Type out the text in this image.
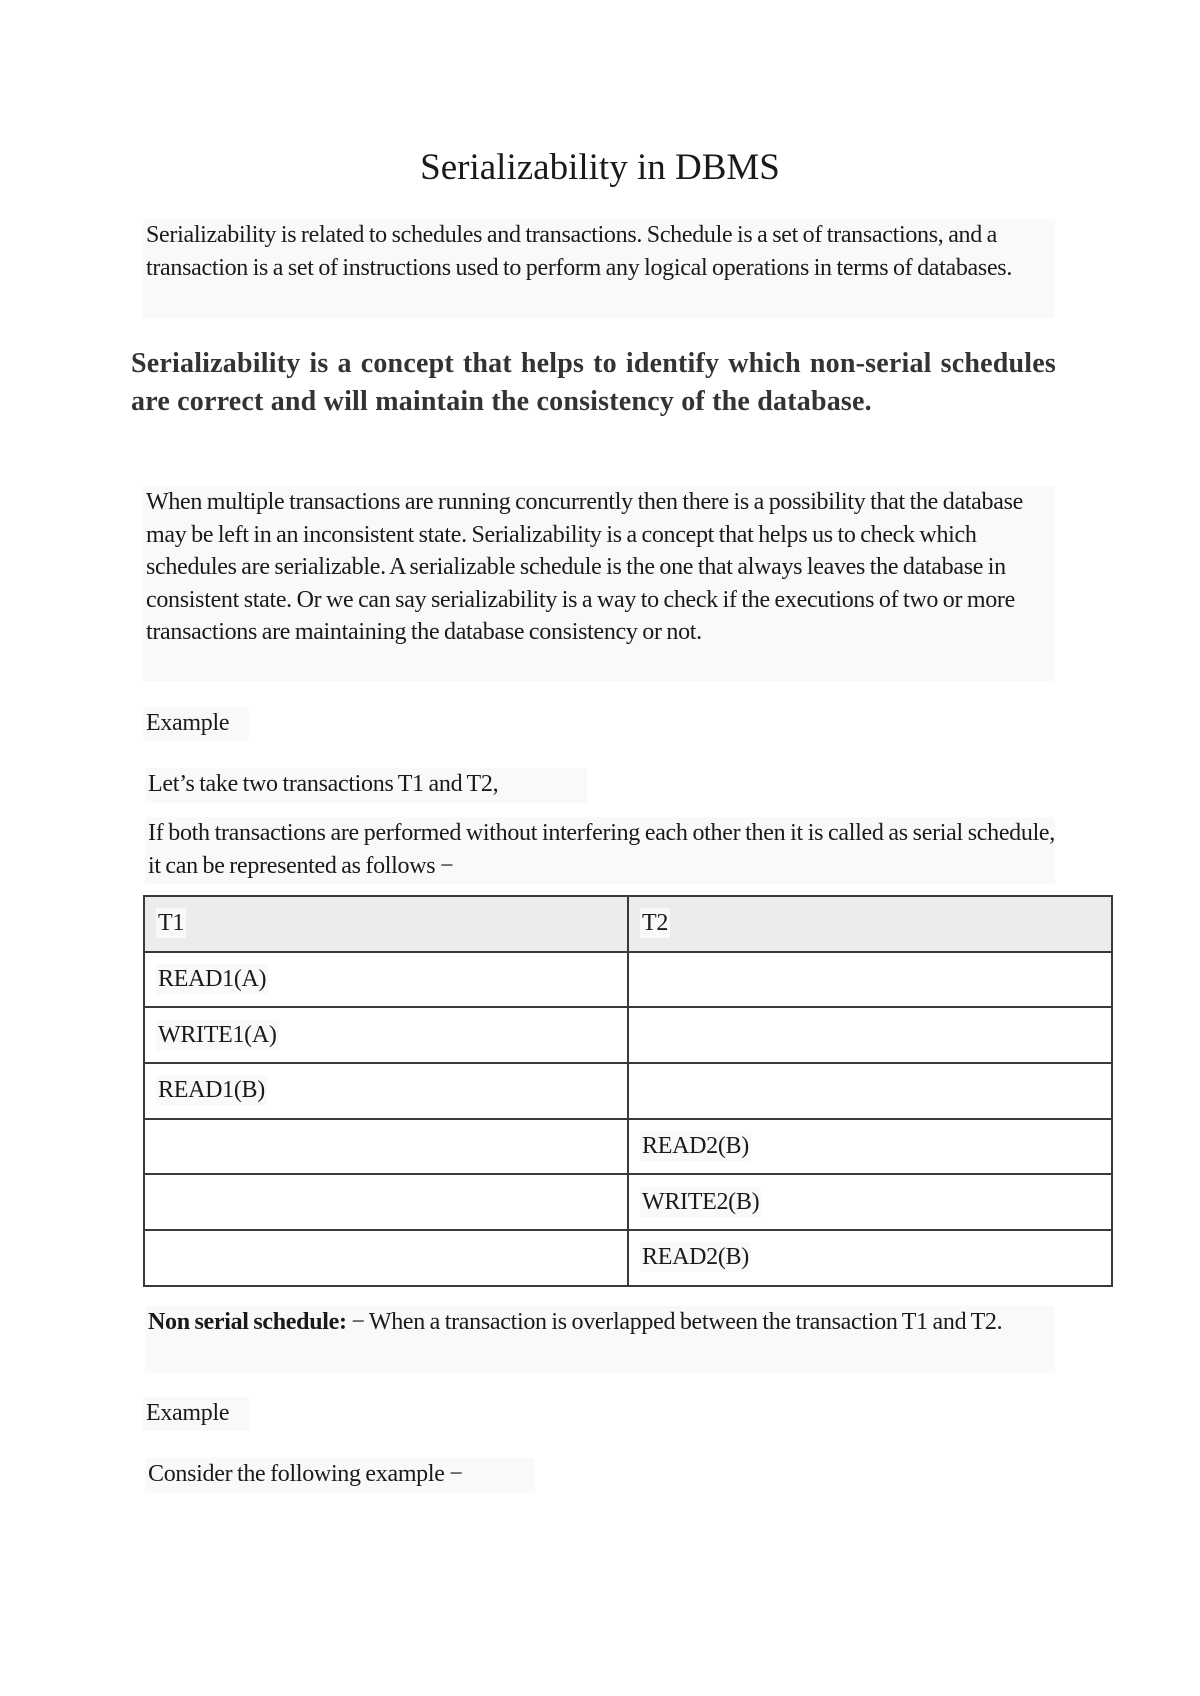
Serializability in DBMS
Serializability is related to schedules and transactions. Schedule is a set of transactions, and a transaction is a set of instructions used to perform any logical operations in terms of databases.

Serializability is a concept that helps to identify which non-serial schedules are correct and will maintain the consistency of the database.

When multiple transactions are running concurrently then there is a possibility that the database may be left in an inconsistent state. Serializability is a concept that helps us to check which schedules are serializable. A serializable schedule is the one that always leaves the database in consistent state. Or we can say serializability is a way to check if the executions of two or more transactions are maintaining the database consistency or not.
Example
Let’s take two transactions T1 and T2,
If both transactions are performed without interfering each other then it is called as serial schedule, it can be represented as follows −
T1	T2
READ1(A)	
WRITE1(A)	
READ1(B)	
	READ2(B)
	WRITE2(B)
	READ2(B)
Non serial schedule: − When a transaction is overlapped between the transaction T1 and T2.
Example
Consider the following example −
